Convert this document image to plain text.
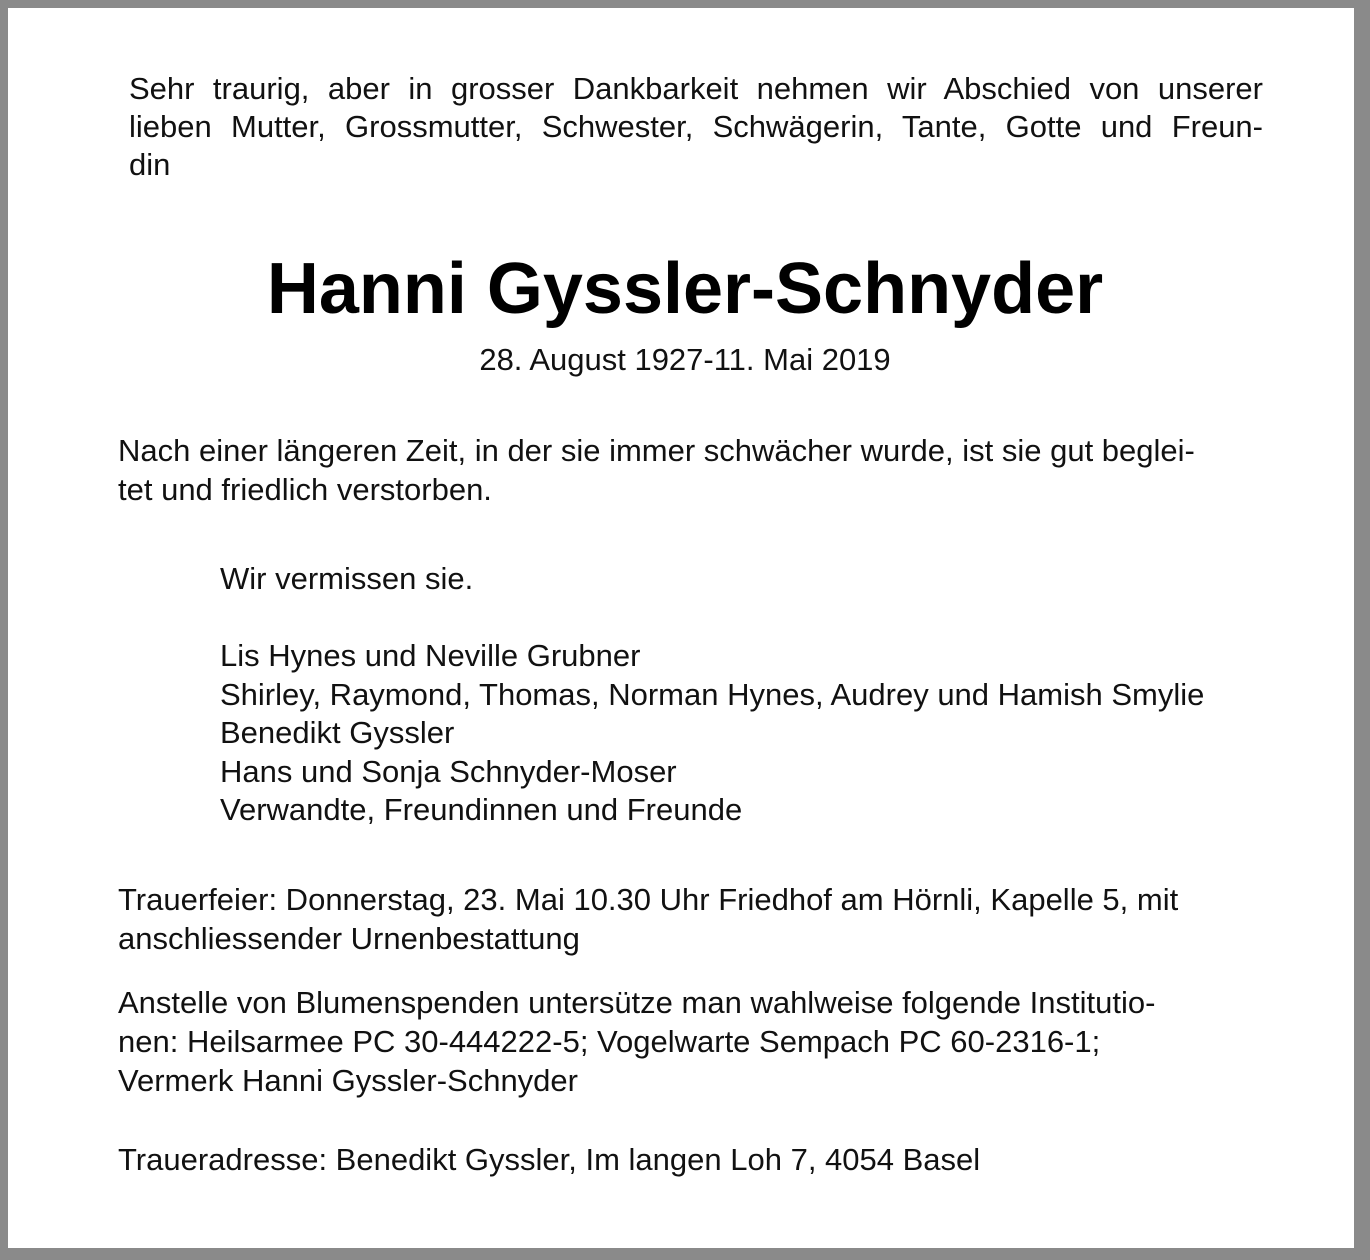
Sehr traurig, aber in grosser Dankbarkeit nehmen wir Abschied von unserer
lieben Mutter, Grossmutter, Schwester, Schwägerin, Tante, Gotte und Freun-
din

Hanni Gyssler-Schnyder

28. August 1927-11. Mai 2019

Nach einer längeren Zeit, in der sie immer schwächer wurde, ist sie gut beglei-
tet und friedlich verstorben.

Wir vermissen sie.

Lis Hynes und Neville Grubner
Shirley, Raymond, Thomas, Norman Hynes, Audrey und Hamish Smylie
Benedikt Gyssler
Hans und Sonja Schnyder-Moser
Verwandte, Freundinnen und Freunde

Trauerfeier: Donnerstag, 23. Mai 10.30 Uhr Friedhof am Hörnli, Kapelle 5, mit
anschliessender Urnenbestattung

Anstelle von Blumenspenden untersütze man wahlweise folgende Institutio-
nen: Heilsarmee PC 30-444222-5; Vogelwarte Sempach PC 60-2316-1;
Vermerk Hanni Gyssler-Schnyder

Traueradresse: Benedikt Gyssler, Im langen Loh 7, 4054 Basel
